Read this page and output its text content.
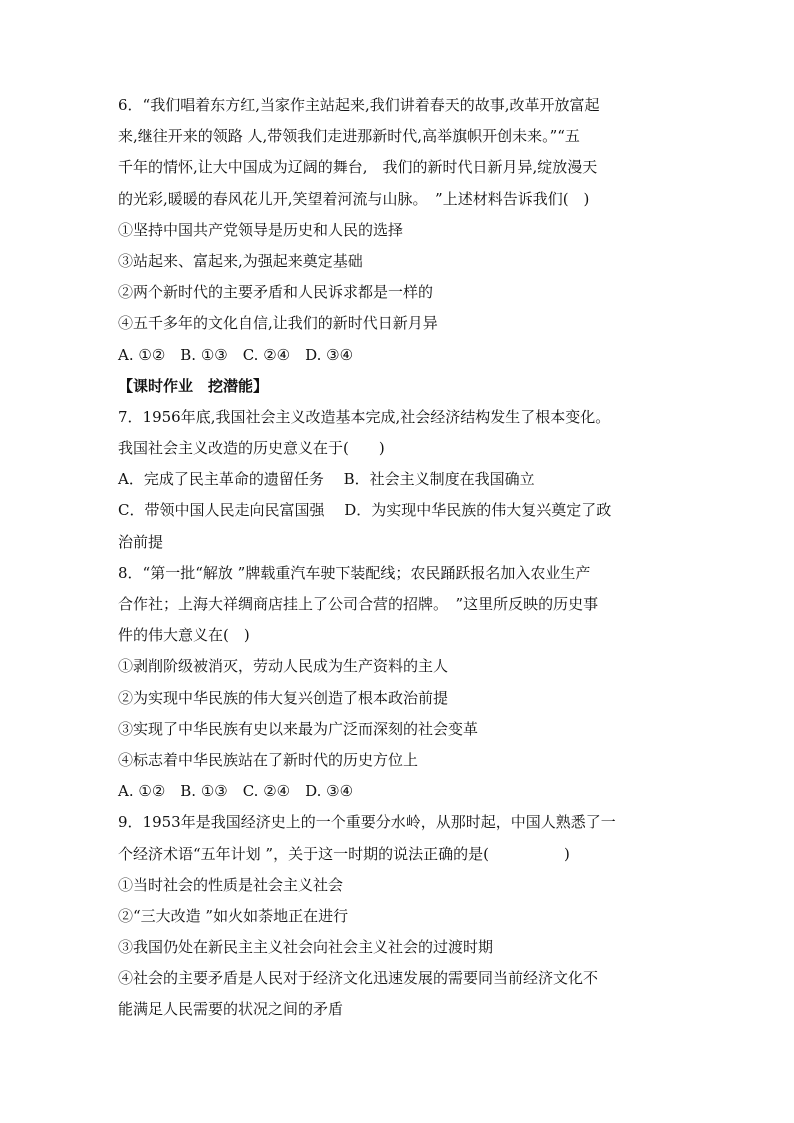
6．“我们唱着东方红,当家作主站起来,我们讲着春天的故事,改革开放富起
来,继往开来的领路 人,带领我们走进那新时代,高举旗帜开创未来。”“五
千年的情怀,让大中国成为辽阔的舞台,　我们的新时代日新月异,绽放漫天
的光彩,暖暖的春风花儿开,笑望着河流与山脉。　”上述材料告诉我们(　)
①坚持中国共产党领导是历史和人民的选择
③站起来、富起来,为强起来奠定基础
②两个新时代的主要矛盾和人民诉求都是一样的
④五千多年的文化自信,让我们的新时代日新月异
A. ①②　B. ①③　C. ②④　D. ③④
【课时作业　挖潜能】
7．1956年底,我国社会主义改造基本完成,社会经济结构发生了根本变化。
我国社会主义改造的历史意义在于(　　)
A．完成了民主革命的遗留任务　 B．社会主义制度在我国确立
C．带领中国人民走向民富国强　 D．为实现中华民族的伟大复兴奠定了政
治前提
8．“第一批“解放 ”牌载重汽车驶下装配线；农民踊跃报名加入农业生产
合作社；上海大祥绸商店挂上了公司合营的招牌。　”这里所反映的历史事
件的伟大意义在(　)
①剥削阶级被消灭，劳动人民成为生产资料的主人
②为实现中华民族的伟大复兴创造了根本政治前提
③实现了中华民族有史以来最为广泛而深刻的社会变革
④标志着中华民族站在了新时代的历史方位上
A. ①②　B. ①③　C. ②④　D. ③④
9．1953年是我国经济史上的一个重要分水岭，从那时起，中国人熟悉了一
个经济术语“五年计划 ”，关于这一时期的说法正确的是(　　　　　)
①当时社会的性质是社会主义社会
②“三大改造 ”如火如荼地正在进行
③我国仍处在新民主主义社会向社会主义社会的过渡时期
④社会的主要矛盾是人民对于经济文化迅速发展的需要同当前经济文化不
能满足人民需要的状况之间的矛盾
